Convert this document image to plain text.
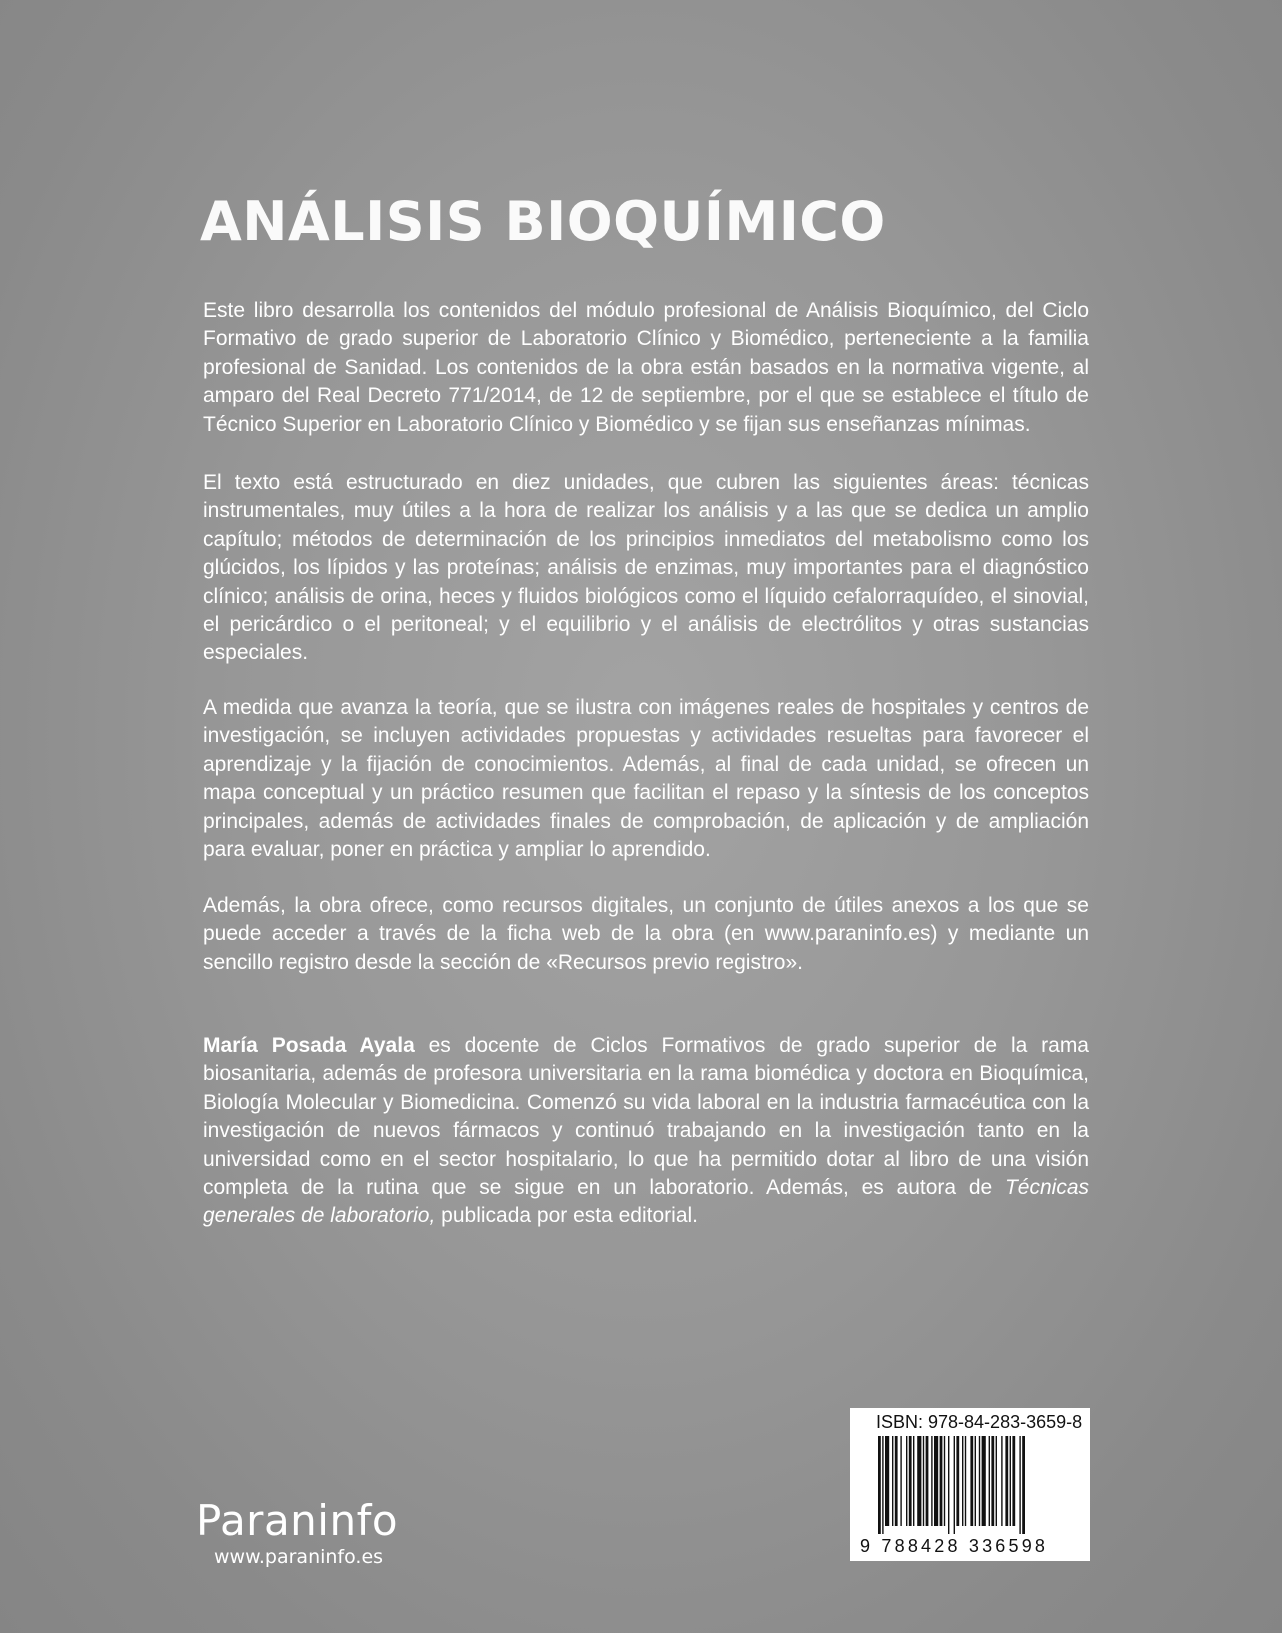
ANÁLISIS BIOQUÍMICO

Este libro desarrolla los contenidos del módulo profesional de Análisis Bioquímico, del Ciclo Formativo de grado superior de Laboratorio Clínico y Biomédico, perteneciente a la familia profesional de Sanidad. Los contenidos de la obra están basados en la normativa vigente, al amparo del Real Decreto 771/2014, de 12 de septiembre, por el que se establece el título de Técnico Superior en Laboratorio Clínico y Biomédico y se fijan sus enseñanzas mínimas.

El texto está estructurado en diez unidades, que cubren las siguientes áreas: técnicas instrumentales, muy útiles a la hora de realizar los análisis y a las que se dedica un amplio capítulo; métodos de determinación de los principios inmediatos del metabolismo como los glúcidos, los lípidos y las proteínas; análisis de enzimas, muy importantes para el diagnóstico clínico; análisis de orina, heces y fluidos biológicos como el líquido cefalorraquídeo, el sinovial, el pericárdico o el peritoneal; y el equilibrio y el análisis de electrólitos y otras sustancias especiales.

A medida que avanza la teoría, que se ilustra con imágenes reales de hospitales y centros de investigación, se incluyen actividades propuestas y actividades resueltas para favorecer el aprendizaje y la fijación de conocimientos. Además, al final de cada unidad, se ofrecen un mapa conceptual y un práctico resumen que facilitan el repaso y la síntesis de los conceptos principales, además de actividades finales de comprobación, de aplicación y de ampliación para evaluar, poner en práctica y ampliar lo aprendido.

Además, la obra ofrece, como recursos digitales, un conjunto de útiles anexos a los que se puede acceder a través de la ficha web de la obra (en www.paraninfo.es) y mediante un sencillo registro desde la sección de «Recursos previo registro».

María Posada Ayala es docente de Ciclos Formativos de grado superior de la rama biosanitaria, además de profesora universitaria en la rama biomédica y doctora en Bioquímica, Biología Molecular y Biomedicina. Comenzó su vida laboral en la industria farmacéutica con la investigación de nuevos fármacos y continuó trabajando en la investigación tanto en la universidad como en el sector hospitalario, lo que ha permitido dotar al libro de una visión completa de la rutina que se sigue en un laboratorio. Además, es autora de Técnicas generales de laboratorio, publicada por esta editorial.

Paraninfo

www.paraninfo.es

ISBN: 978-84-283-3659-8

9 788428 336598
